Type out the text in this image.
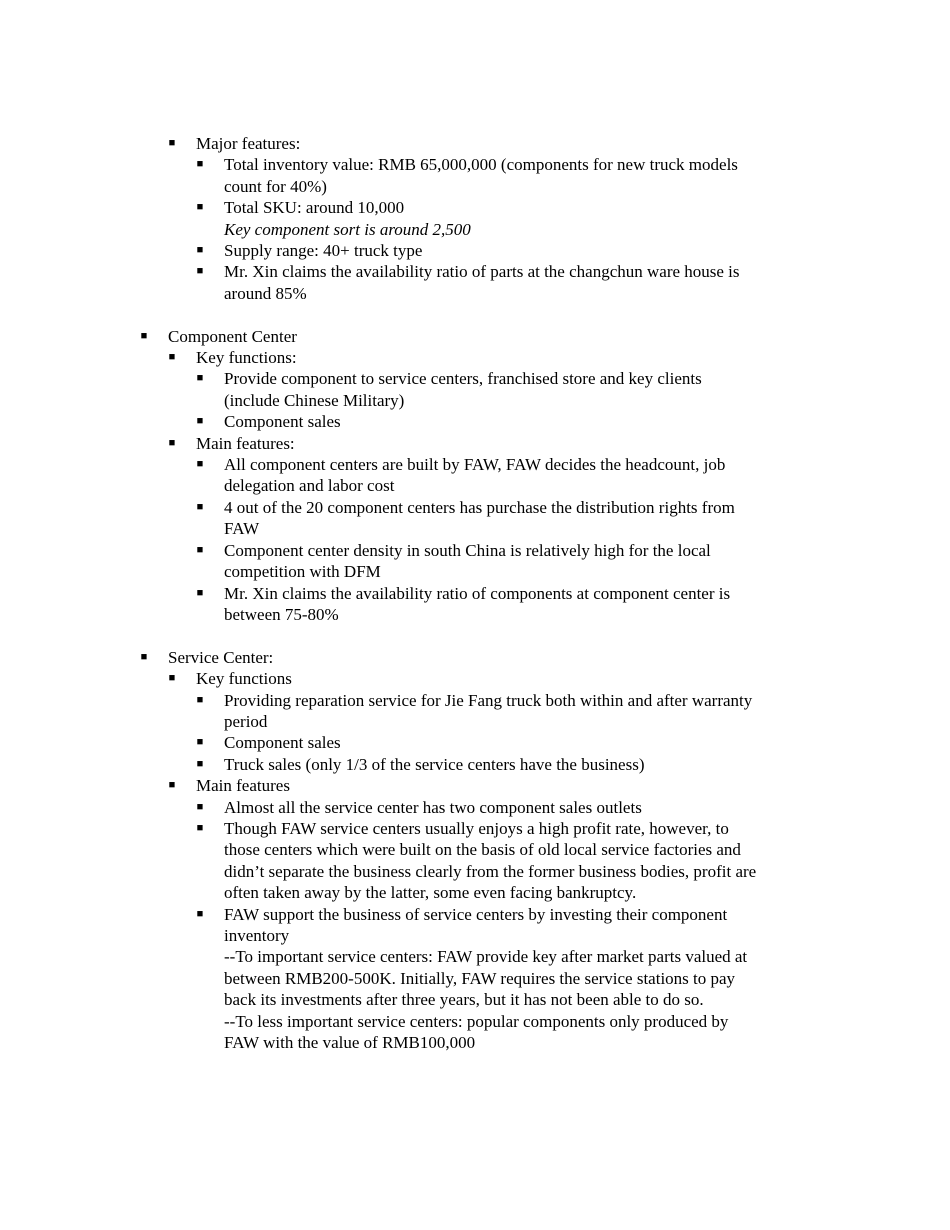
■ Major features:
■ Total inventory value: RMB 65,000,000 (components for new truck models
count for 40%)
■ Total SKU: around 10,000
Key component sort is around 2,500
■ Supply range: 40+ truck type
■ Mr. Xin claims the availability ratio of parts at the changchun ware house is
around 85%
■ Component Center
■ Key functions:
■ Provide component to service centers, franchised store and key clients
(include Chinese Military)
■ Component sales
■ Main features:
■ All component centers are built by FAW, FAW decides the headcount, job
delegation and labor cost
■ 4 out of the 20 component centers has purchase the distribution rights from
FAW
■ Component center density in south China is relatively high for the local
competition with DFM
■ Mr. Xin claims the availability ratio of components at component center is
between 75-80%
■ Service Center:
■ Key functions
■ Providing reparation service for Jie Fang truck both within and after warranty
period
■ Component sales
■ Truck sales (only 1/3 of the service centers have the business)
■ Main features
■ Almost all the service center has two component sales outlets
■ Though FAW service centers usually enjoys a high profit rate, however, to
those centers which were built on the basis of old local service factories and
didn’t separate the business clearly from the former business bodies, profit are
often taken away by the latter, some even facing bankruptcy.
■ FAW support the business of service centers by investing their component
inventory
--To important service centers: FAW provide key after market parts valued at
between RMB200-500K. Initially, FAW requires the service stations to pay
back its investments after three years, but it has not been able to do so.
--To less important service centers: popular components only produced by
FAW with the value of RMB100,000
